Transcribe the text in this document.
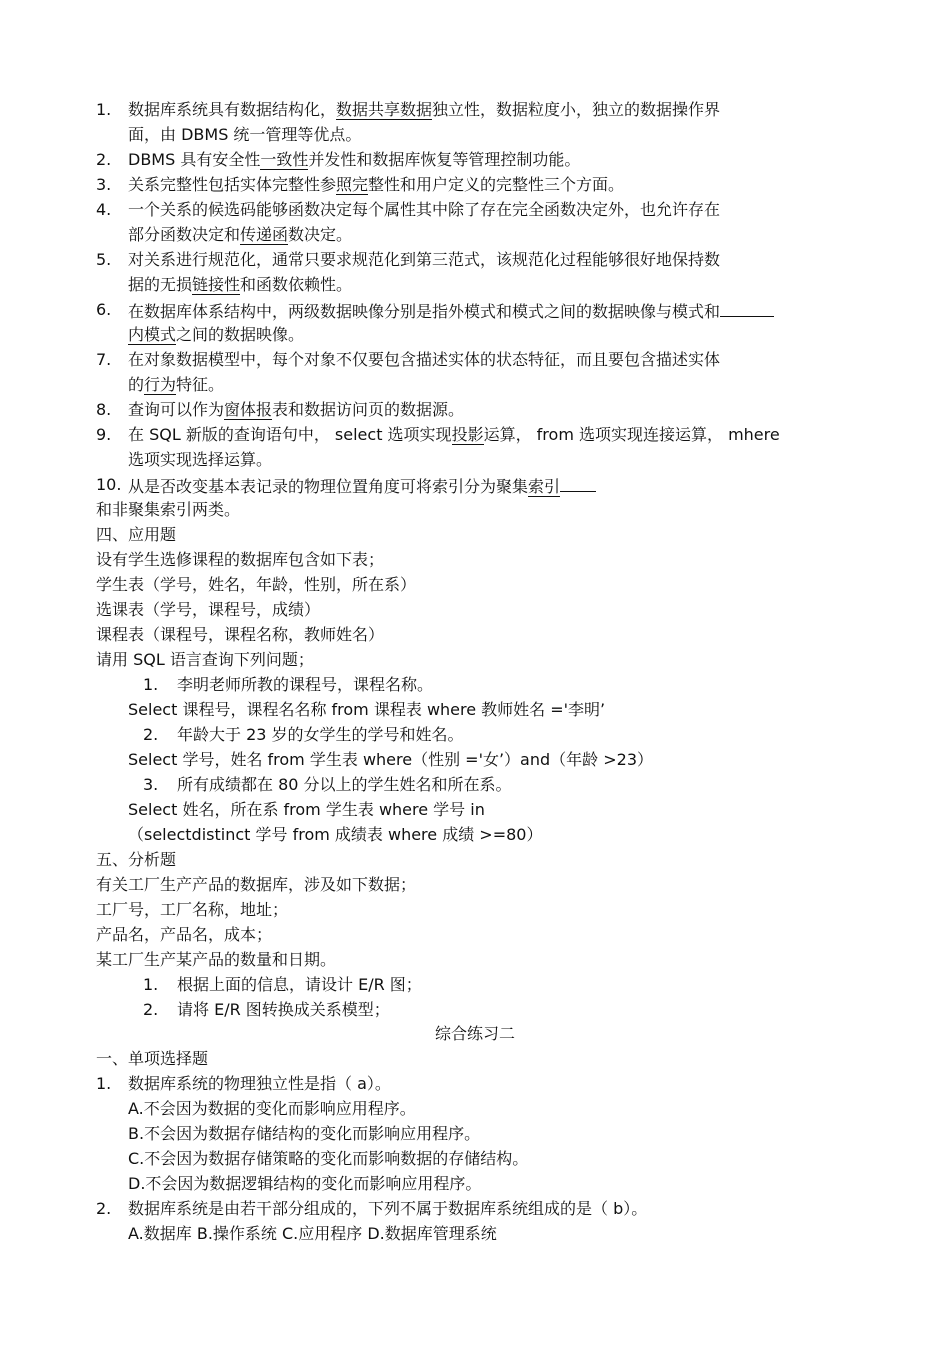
1. 数据库系统具有数据结构化，数据共享数据独立性，数据粒度小，独立的数据操作界
面，由 DBMS 统一管理等优点。
2. DBMS 具有安全性一致性并发性和数据库恢复等管理控制功能。
3. 关系完整性包括实体完整性参照完整性和用户定义的完整性三个方面。
4. 一个关系的候选码能够函数决定每个属性其中除了存在完全函数决定外，也允许存在
部分函数决定和传递函数决定。
5. 对关系进行规范化，通常只要求规范化到第三范式，该规范化过程能够很好地保持数
据的无损链接性和函数依赖性。
6. 在数据库体系结构中，两级数据映像分别是指外模式和模式之间的数据映像与模式和
内模式之间的数据映像。
7. 在对象数据模型中，每个对象不仅要包含描述实体的状态特征，而且要包含描述实体
的行为特征。
8. 查询可以作为窗体报表和数据访问页的数据源。
9. 在 SQL 新版的查询语句中， select 选项实现投影运算， from 选项实现连接运算， mhere
选项实现选择运算。
10. 从是否改变基本表记录的物理位置角度可将索引分为聚集索引
和非聚集索引两类。
四、应用题
设有学生选修课程的数据库包含如下表；
学生表（学号，姓名，年龄，性别，所在系）
选课表（学号，课程号，成绩）
课程表（课程号，课程名称，教师姓名）
请用 SQL 语言查询下列问题；
1. 李明老师所教的课程号，课程名称。
Select 课程号，课程名名称 from 课程表 where 教师姓名 ='李明’
2. 年龄大于 23 岁的女学生的学号和姓名。
Select 学号，姓名 from 学生表 where（性别 ='女’）and（年龄 >23）
3. 所有成绩都在 80 分以上的学生姓名和所在系。
Select 姓名，所在系 from 学生表 where 学号 in
（selectdistinct 学号 from 成绩表 where 成绩 >=80）
五、分析题
有关工厂生产产品的数据库，涉及如下数据；
工厂号，工厂名称，地址；
产品名，产品名，成本；
某工厂生产某产品的数量和日期。
1. 根据上面的信息，请设计 E/R 图；
2. 请将 E/R 图转换成关系模型；
综合练习二
一、单项选择题
1. 数据库系统的物理独立性是指（ a）。
A.不会因为数据的变化而影响应用程序。
B.不会因为数据存储结构的变化而影响应用程序。
C.不会因为数据存储策略的变化而影响数据的存储结构。
D.不会因为数据逻辑结构的变化而影响应用程序。
2. 数据库系统是由若干部分组成的，下列不属于数据库系统组成的是（ b）。
A.数据库 B.操作系统 C.应用程序 D.数据库管理系统
